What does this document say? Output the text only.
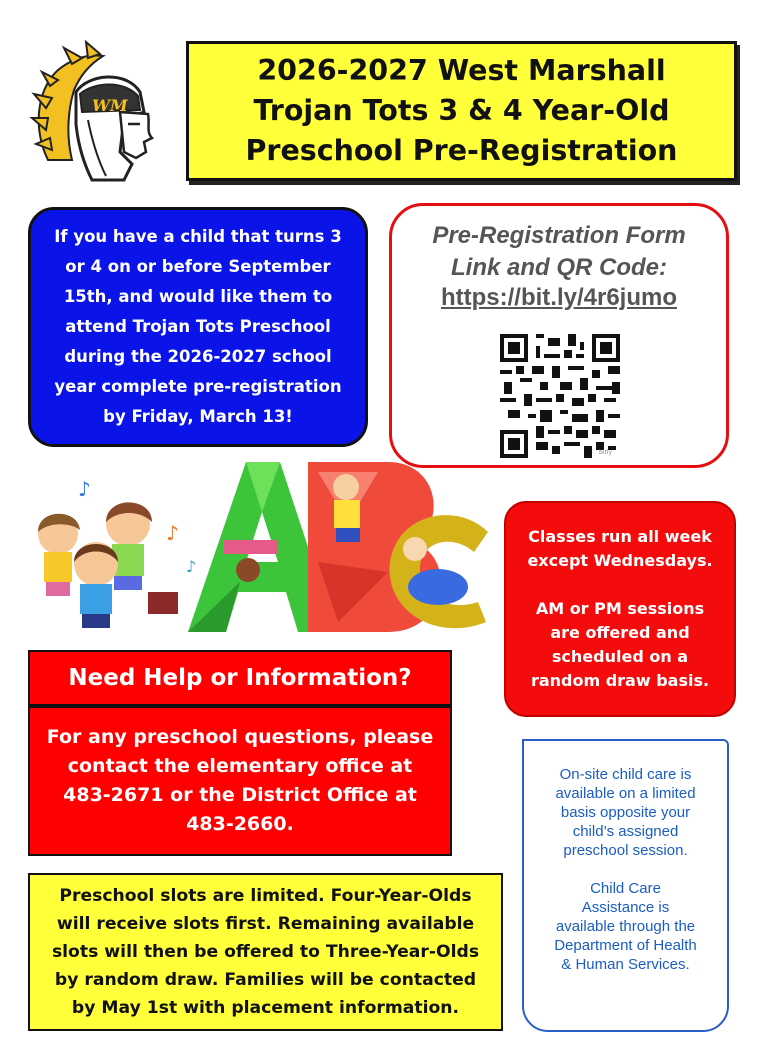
WM
2026-2027 West Marshall
Trojan Tots 3 & 4 Year-Old
Preschool Pre-Registration
If you have a child that turns 3
or 4 on or before September
15th, and would like them to
attend Trojan Tots Preschool
during the 2026-2027 school
year complete pre-registration
by Friday, March 13!
Pre-Registration Form
Link and QR Code:
https://bit.ly/4r6jumo
bitly
♪
♪
♪
Classes run all week
except Wednesdays.
AM or PM sessions
are offered and
scheduled on a
random draw basis.
Need Help or Information?
For any preschool questions, please
contact the elementary office at
483-2671 or the District Office at
483-2660.
Preschool slots are limited. Four-Year-Olds
will receive slots first. Remaining available
slots will then be offered to Three-Year-Olds
by random draw. Families will be contacted
by May 1st with placement information.
On-site child care is
available on a limited
basis opposite your
child’s assigned
preschool session.
Child Care
Assistance is
available through the
Department of Health
& Human Services.
